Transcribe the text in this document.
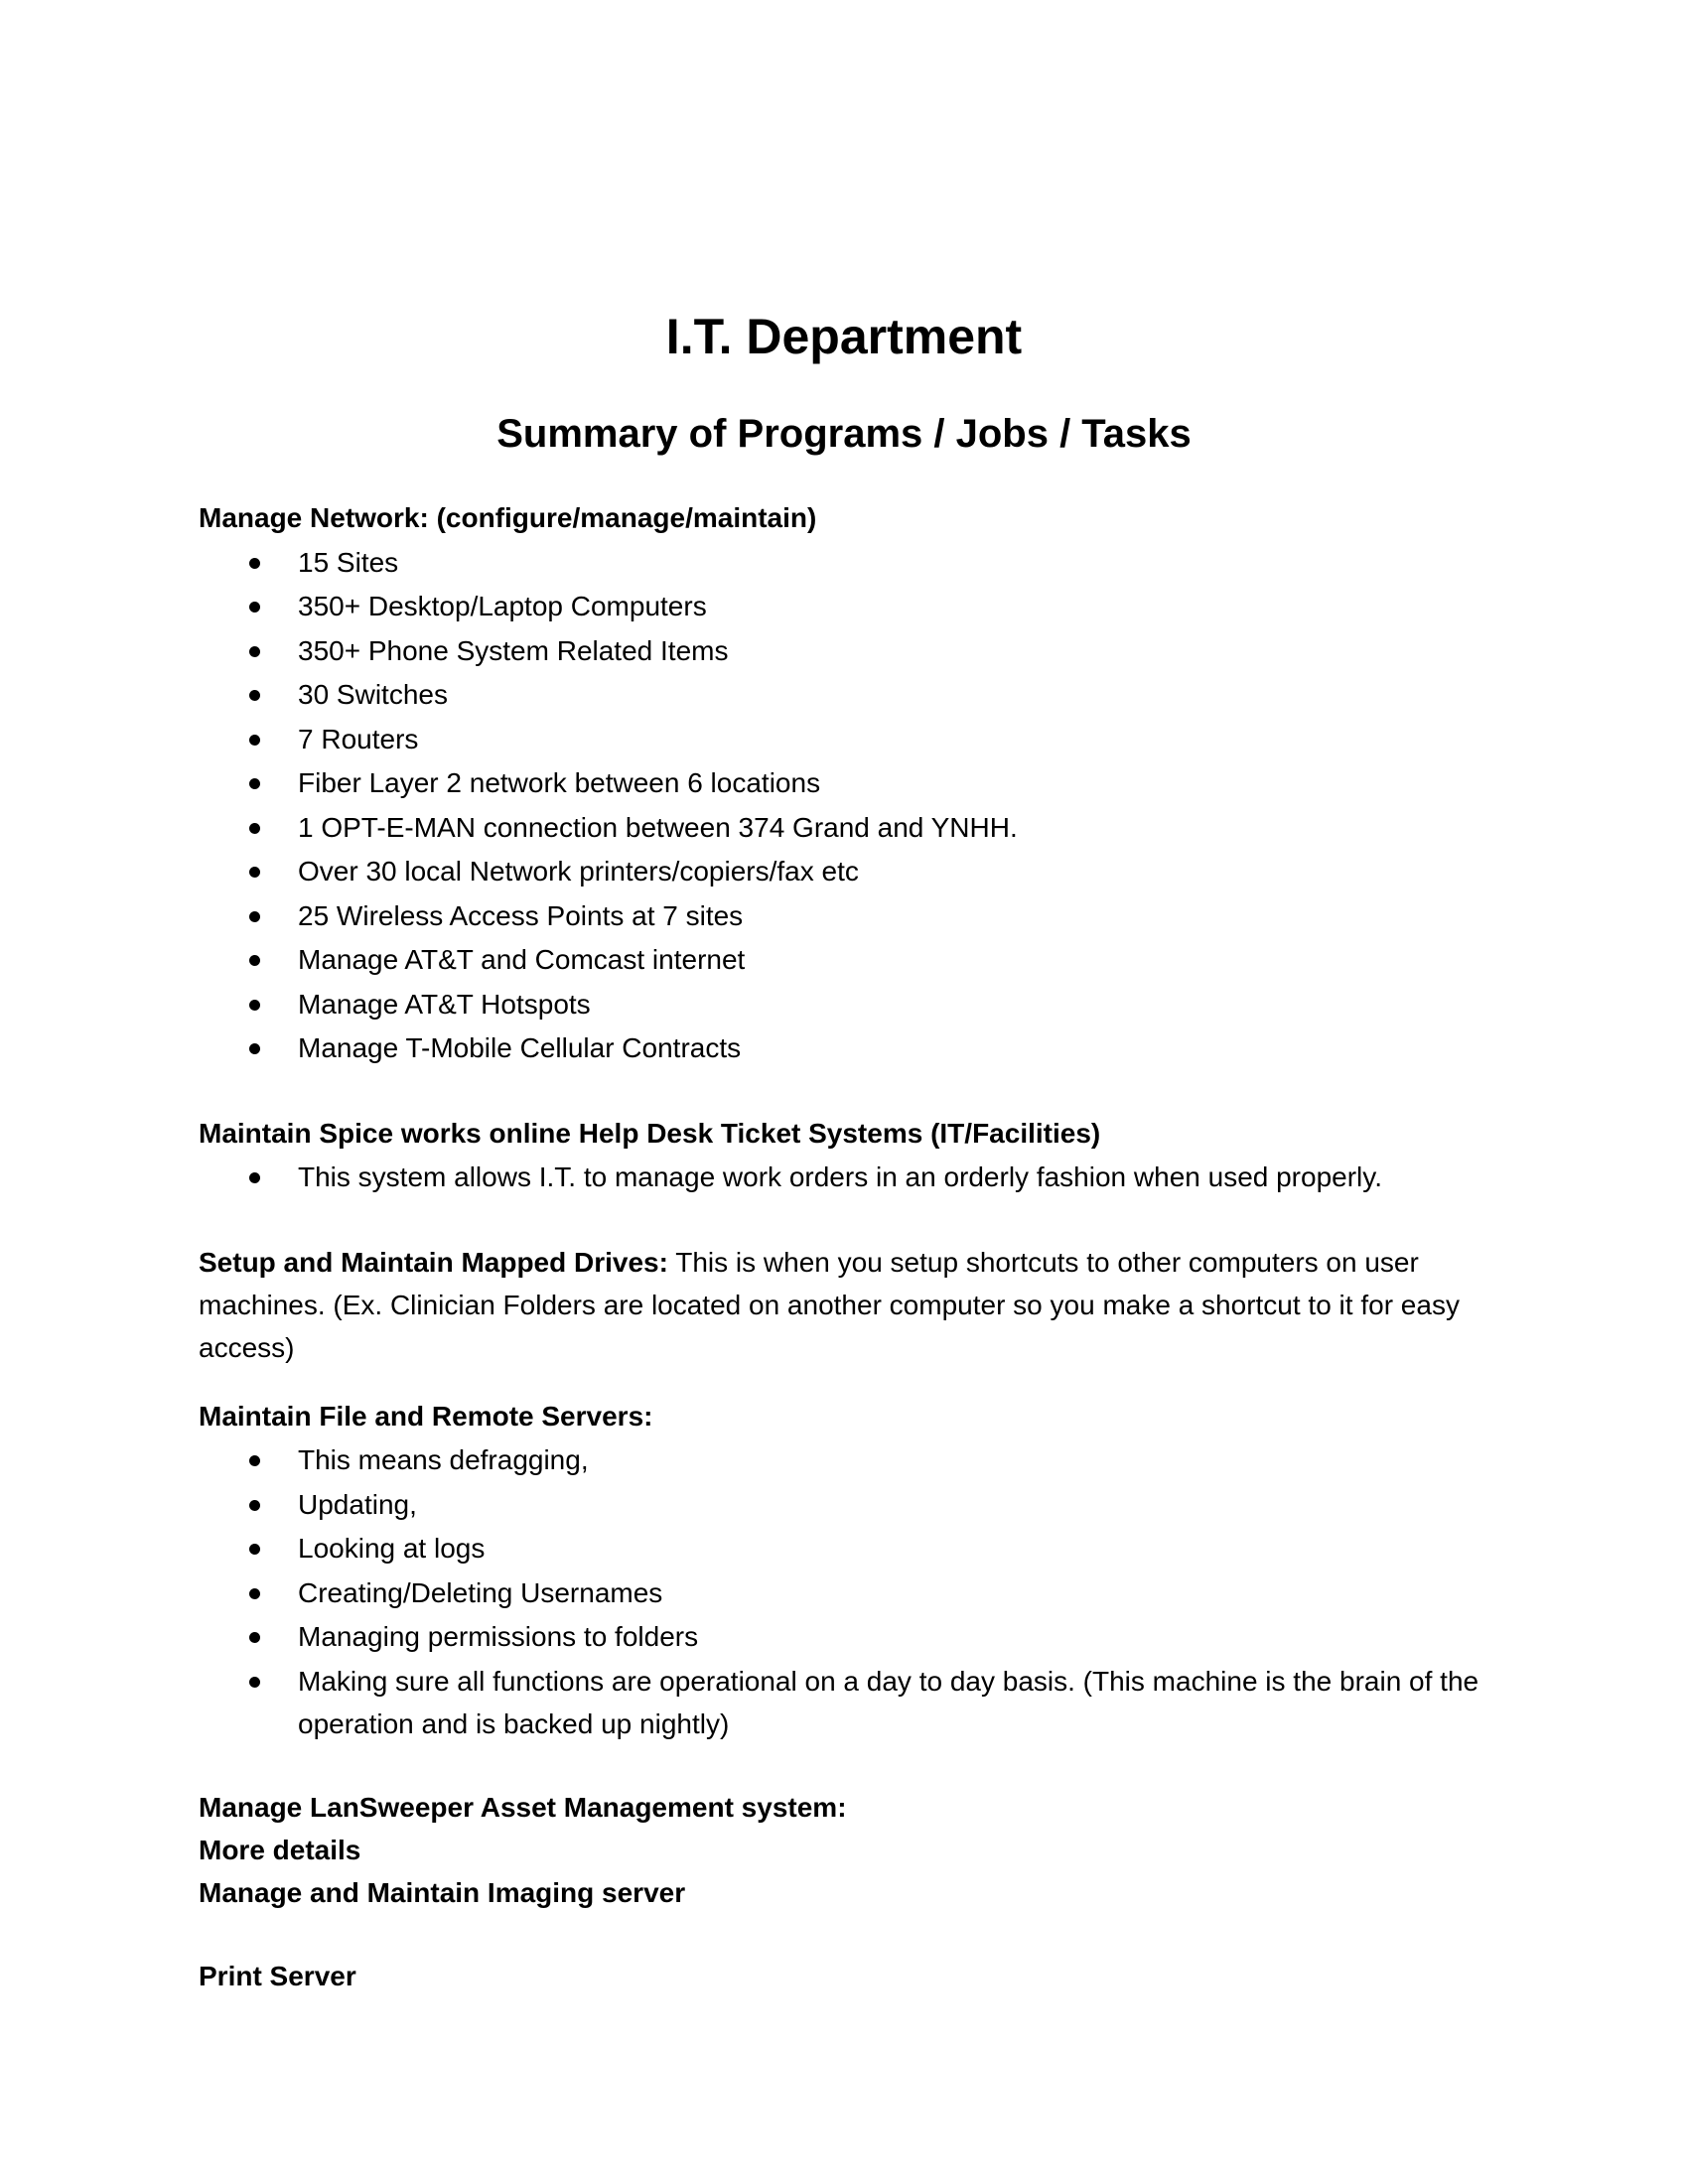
I.T. Department
Summary of Programs / Jobs / Tasks

Manage Network: (configure/manage/maintain)

15 Sites
350+ Desktop/Laptop Computers
350+ Phone System Related Items
30 Switches
7 Routers
Fiber Layer 2 network between 6 locations
1 OPT-E-MAN connection between 374 Grand and YNHH.
Over 30 local Network printers/copiers/fax etc
25 Wireless Access Points at 7 sites
Manage AT&T and Comcast internet
Manage AT&T Hotspots
Manage T-Mobile Cellular Contracts

Maintain Spice works online Help Desk Ticket Systems (IT/Facilities)

This system allows I.T. to manage work orders in an orderly fashion when used properly.

Setup and Maintain Mapped Drives: This is when you setup shortcuts to other computers on user machines. (Ex. Clinician Folders are located on another computer so you make a shortcut to it for easy access)

Maintain File and Remote Servers:

This means defragging,
Updating,
Looking at logs
Creating/Deleting Usernames
Managing permissions to folders
Making sure all functions are operational on a day to day basis. (This machine is the brain of the operation and is backed up nightly)

Manage LanSweeper Asset Management system:

More details

Manage and Maintain Imaging server

Print Server
